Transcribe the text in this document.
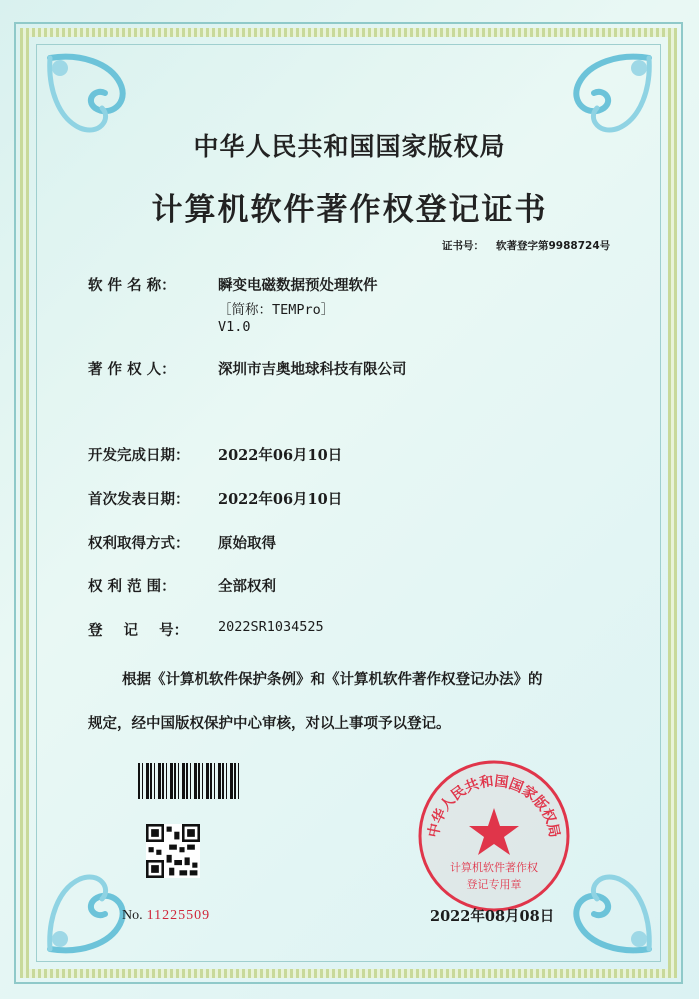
中华人民共和国国家版权局
计算机软件著作权登记证书
证书号： 软著登字第9988724号
软 件 名 称：	瞬变电磁数据预处理软件
［简称：TEMPro］
V1.0
著 作 权 人：	深圳市吉奥地球科技有限公司
开发完成日期： 2022年06月10日
首次发表日期： 2022年06月10日
权利取得方式： 原始取得
权 利 范 围：	全部权利
登 记 号： 2022SR1034525
根据《计算机软件保护条例》和《计算机软件著作权登记办法》的
规定，经中国版权保护中心审核，对以上事项予以登记。
No. 11225509
中华人民共和国国家版权局
计算机软件著作权
登记专用章
2022年08月08日
